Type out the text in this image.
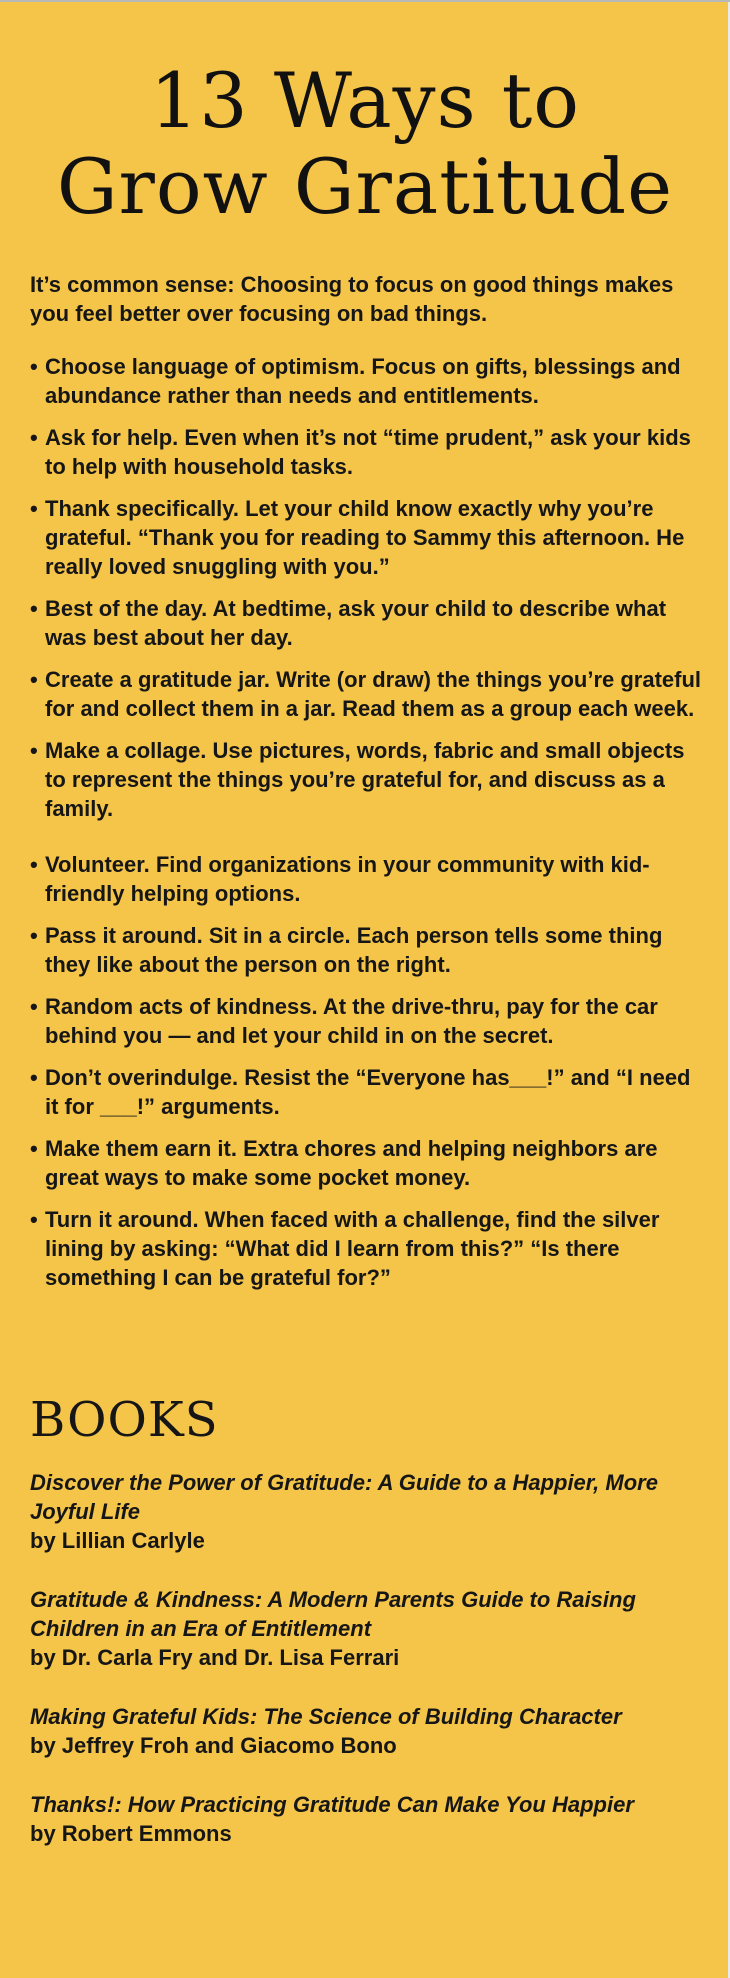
13 Ways to
Grow Gratitude

It’s common sense: Choosing to focus on good things makes you feel better over focusing on bad things.

• Choose language of optimism. Focus on gifts, blessings and abundance rather than needs and entitlements.
• Ask for help. Even when it’s not “time prudent,” ask your kids to help with household tasks.
• Thank specifically. Let your child know exactly why you’re grateful. “Thank you for reading to Sammy this afternoon. He really loved snuggling with you.”
• Best of the day. At bedtime, ask your child to describe what was best about her day.
• Create a gratitude jar. Write (or draw) the things you’re grateful for and collect them in a jar. Read them as a group each week.
• Make a collage. Use pictures, words, fabric and small objects to represent the things you’re grateful for, and discuss as a family.
• Volunteer. Find organizations in your community with kid-friendly helping options.
• Pass it around. Sit in a circle. Each person tells some thing they like about the person on the right.
• Random acts of kindness. At the drive-thru, pay for the car behind you — and let your child in on the secret.
• Don’t overindulge. Resist the “Everyone has___!” and “I need it for ___!” arguments.
• Make them earn it. Extra chores and helping neighbors are great ways to make some pocket money.
• Turn it around. When faced with a challenge, find the silver lining by asking: “What did I learn from this?” “Is there something I can be grateful for?”
BOOKS
Discover the Power of Gratitude: A Guide to a Happier, More Joyful Life
by Lillian Carlyle
Gratitude & Kindness: A Modern Parents Guide to Raising Children in an Era of Entitlement
by Dr. Carla Fry and Dr. Lisa Ferrari
Making Grateful Kids: The Science of Building Character
by Jeffrey Froh and Giacomo Bono
Thanks!: How Practicing Gratitude Can Make You Happier
by Robert Emmons
